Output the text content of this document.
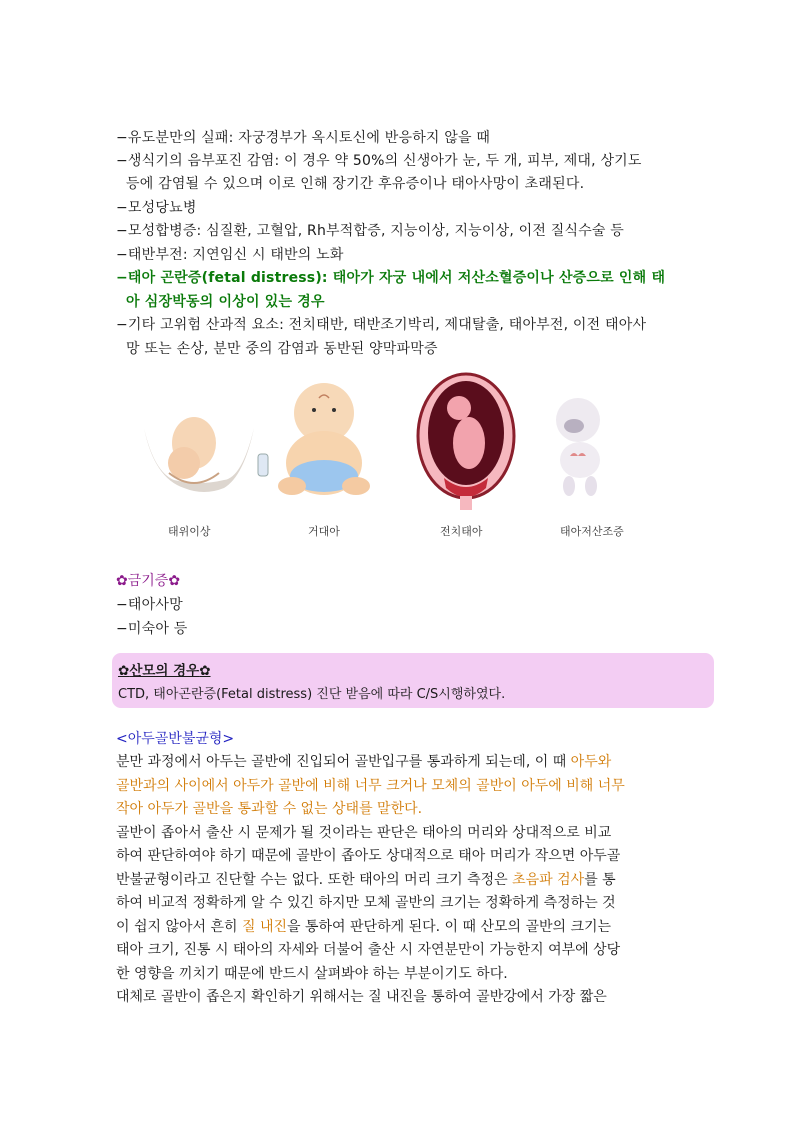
−유도분만의 실패: 자궁경부가 옥시토신에 반응하지 않을 때
−생식기의 음부포진 감염: 이 경우 약 50%의 신생아가 눈, 두 개, 피부, 제대, 상기도
등에 감염될 수 있으며 이로 인해 장기간 후유증이나 태아사망이 초래된다.
−모성당뇨병
−모성합병증: 심질환, 고혈압, Rh부적합증, 지능이상, 지능이상, 이전 질식수술 등
−태반부전: 지연임신 시 태반의 노화
−태아 곤란증(fetal distress): 태아가 자궁 내에서 저산소혈증이나 산증으로 인해 태
아 심장박동의 이상이 있는 경우
−기타 고위험 산과적 요소: 전치태반, 태반조기박리, 제대탈출, 태아부전, 이전 태아사
망 또는 손상, 분만 중의 감염과 동반된 양막파막증
태위이상	거대아	전치태아	태아저산조증
✿금기증✿
−태아사망
−미숙아 등
✿산모의 경우✿
CTD, 태아곤란증(Fetal distress) 진단 받음에 따라 C/S시행하였다.
<아두골반불균형>
분만 과정에서 아두는 골반에 진입되어 골반입구를 통과하게 되는데, 이 때 아두와
골반과의 사이에서 아두가 골반에 비해 너무 크거나 모체의 골반이 아두에 비해 너무
작아 아두가 골반을 통과할 수 없는 상태를 말한다.
골반이 좁아서 출산 시 문제가 될 것이라는 판단은 태아의 머리와 상대적으로 비교
하여 판단하여야 하기 때문에 골반이 좁아도 상대적으로 태아 머리가 작으면 아두골
반불균형이라고 진단할 수는 없다. 또한 태아의 머리 크기 측정은 초음파 검사를 통
하여 비교적 정확하게 알 수 있긴 하지만 모체 골반의 크기는 정확하게 측정하는 것
이 쉽지 않아서 흔히 질 내진을 통하여 판단하게 된다. 이 때 산모의 골반의 크기는
태아 크기, 진통 시 태아의 자세와 더불어 출산 시 자연분만이 가능한지 여부에 상당
한 영향을 끼치기 때문에 반드시 살펴봐야 하는 부분이기도 하다.
대체로 골반이 좁은지 확인하기 위해서는 질 내진을 통하여 골반강에서 가장 짧은
